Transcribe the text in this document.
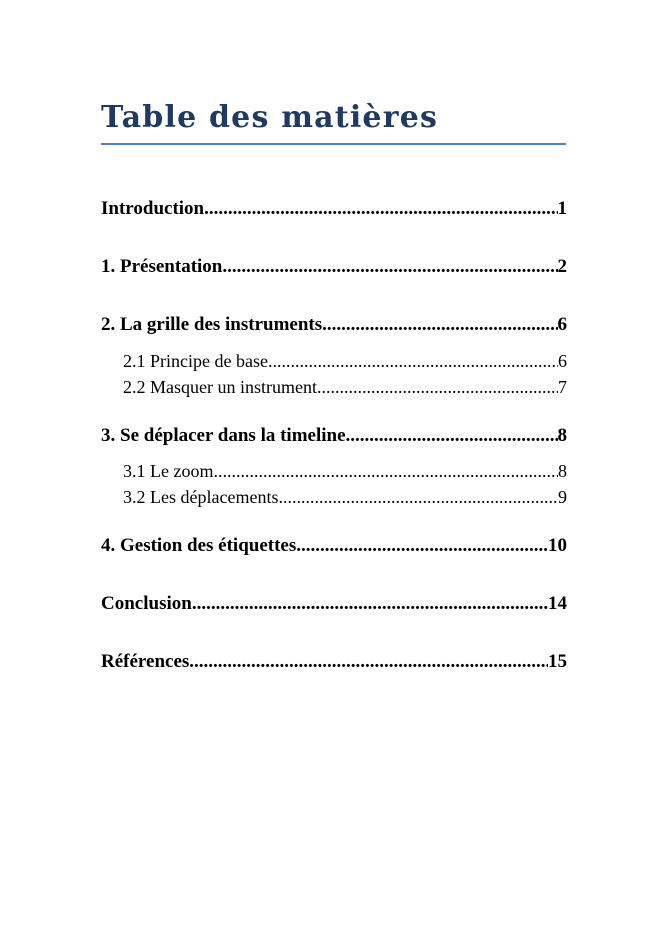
Table des matières
Introduction .....	1
1. Présentation .....	2
2. La grille des instruments .....	6
2.1 Principe de base .....	6
2.2 Masquer un instrument .....	7
3. Se déplacer dans la timeline .....	8
3.1 Le zoom .....	8
3.2 Les déplacements .....	9
4. Gestion des étiquettes .....	10
Conclusion .....	14
Références .....	15
